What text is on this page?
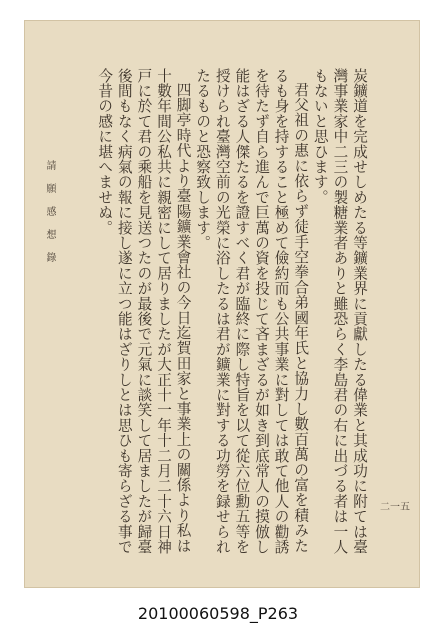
炭鑛道を完成せしめたる等鑛業界に貢獻したる偉業と其成功に附ては臺
灣事業家中二三の製糖業者ありと雖恐らく李島君の右に出づる者は一人
もないと思ひます。
君父祖の惠に依らず徒手空拳合弟國年氏と協力し數百萬の富を積みた
るも身を持すること極めて儉約而も公共事業に對しては敢て他人の勸誘
を待たず自ら進んで巨萬の資を投じて吝まざるが如き到底常人の摸倣し
能はざる人傑たるを證すべく君が臨終に際し特旨を以て從六位勳五等を
授けられ臺灣空前の光榮に浴したるは君が鑛業に對する功勞を録せられ
たるものと恐察致します。
四脚亭時代より臺陽鑛業會社の今日迄賀田家と事業上の關係より私は
十數年間公私共に親密にして居りましたが大正十一年十二月二十六日神
戸に於て君の乘船を見送つたのが最後で元氣に談笑して居ましたが歸臺
後間もなく病氣の報に接し遂に立つ能はざりしとは思ひも寄らざる事で
今昔の感に堪へませぬ。
請 願 感 想 錄
二一五
20100060598_P263
